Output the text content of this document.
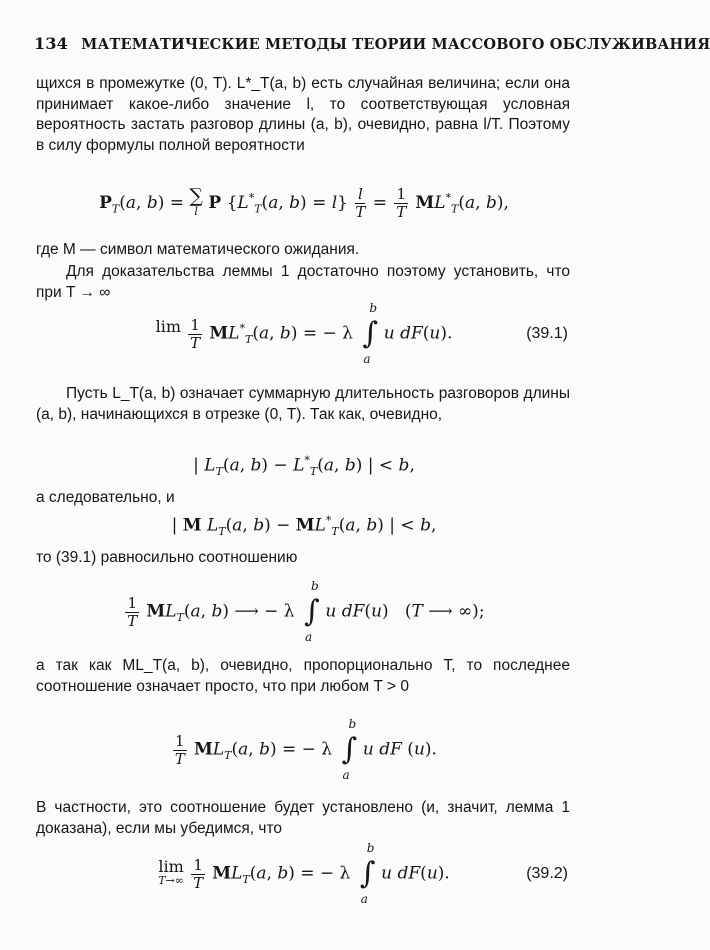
134 МАТЕМАТИЧЕСКИЕ МЕТОДЫ ТЕОРИИ МАССОВОГО ОБСЛУЖИВАНИЯ
щихся в промежутке (0, T). L*_T(a, b) есть случайная величина; если она принимает какое-либо значение l, то соответствующая условная вероятность застать разговор длины (a, b), очевидно, равна l/T. Поэтому в силу формулы полной вероятности
$P_T(a$, b) = ∑
l P {$L^*_T(a$, $b) = l\} \frac{l}{T} = \frac{1}{T} ML^*_T(a$, b),
где M — символ математического ожидания.
Для доказательства леммы 1 достаточно поэтому установить, что при T → ∞
lim

$\frac{1}{T} ML^*_T(a$, b) = − λ
b
∫
a
u dF(u).	(39.1)
Пусть L_T(a, b) означает суммарную длительность разговоров длины (a, b), начинающихся в отрезке (0, T). Так как, очевидно,
| $L_T(a$, $b) - L^*_T(a$, b) | < b,
а следовательно, и
| M $L_T(a$, $b) - ML^*_T(a$, b) | < b,
то (39.1) равносильно соотношению
$\frac{1}{T} ML_T(a$, b) ⟶ − λ
b
∫
a
u dF(u)   (T ⟶ ∞);
а так как ML_T(a, b), очевидно, пропорционально T, то последнее соотношение означает просто, что при любом T > 0
$\frac{1}{T} ML_T(a$, b) = − λ
b
∫
a
u dF (u).
В частности, это соотношение будет установлено (и, значит, лемма 1 доказана), если мы убедимся, что
lim
T→∞
$\frac{1}{T} ML_T(a$, b) = − λ
b
∫
a
u dF(u).	(39.2)
